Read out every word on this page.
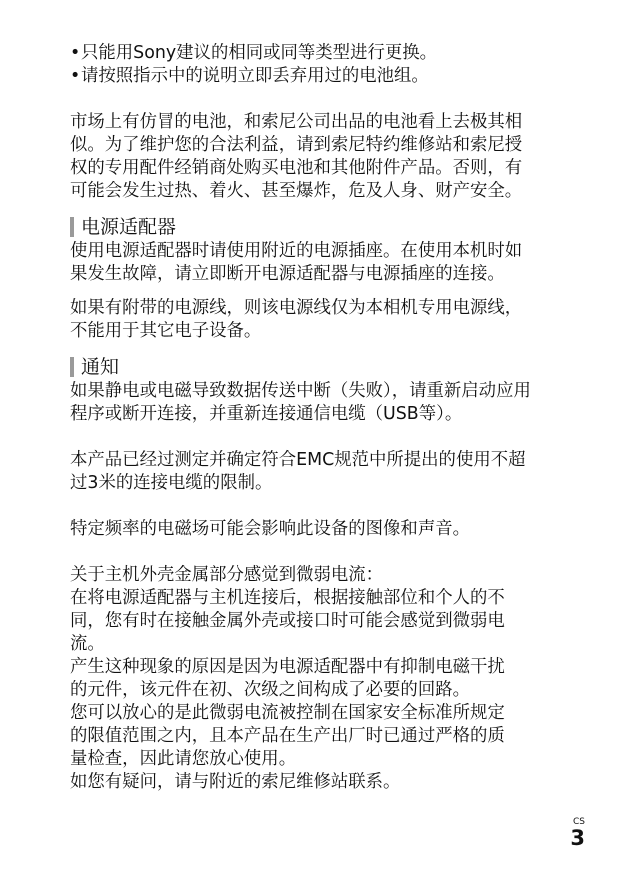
• 只能用Sony建议的相同或同等类型进行更换。

• 请按照指示中的说明立即丢弃用过的电池组。

市场上有仿冒的电池，和索尼公司出品的电池看上去极其相

似。为了维护您的合法利益，请到索尼特约维修站和索尼授

权的专用配件经销商处购买电池和其他附件产品。否则，有

可能会发生过热、着火、甚至爆炸，危及人身、财产安全。

电源适配器

使用电源适配器时请使用附近的电源插座。在使用本机时如

果发生故障，请立即断开电源适配器与电源插座的连接。

如果有附带的电源线，则该电源线仅为本相机专用电源线，

不能用于其它电子设备。

通知

如果静电或电磁导致数据传送中断（失败），请重新启动应用

程序或断开连接，并重新连接通信电缆（USB等）。

本产品已经过测定并确定符合EMC规范中所提出的使用不超

过3米的连接电缆的限制。

特定频率的电磁场可能会影响此设备的图像和声音。

关于主机外壳金属部分感觉到微弱电流：

在将电源适配器与主机连接后，根据接触部位和个人的不

同，您有时在接触金属外壳或接口时可能会感觉到微弱电

流。

产生这种现象的原因是因为电源适配器中有抑制电磁干扰

的元件，该元件在初、次级之间构成了必要的回路。

您可以放心的是此微弱电流被控制在国家安全标准所规定

的限值范围之内，且本产品在生产出厂时已通过严格的质

量检查，因此请您放心使用。

如您有疑问，请与附近的索尼维修站联系。

CS
3
